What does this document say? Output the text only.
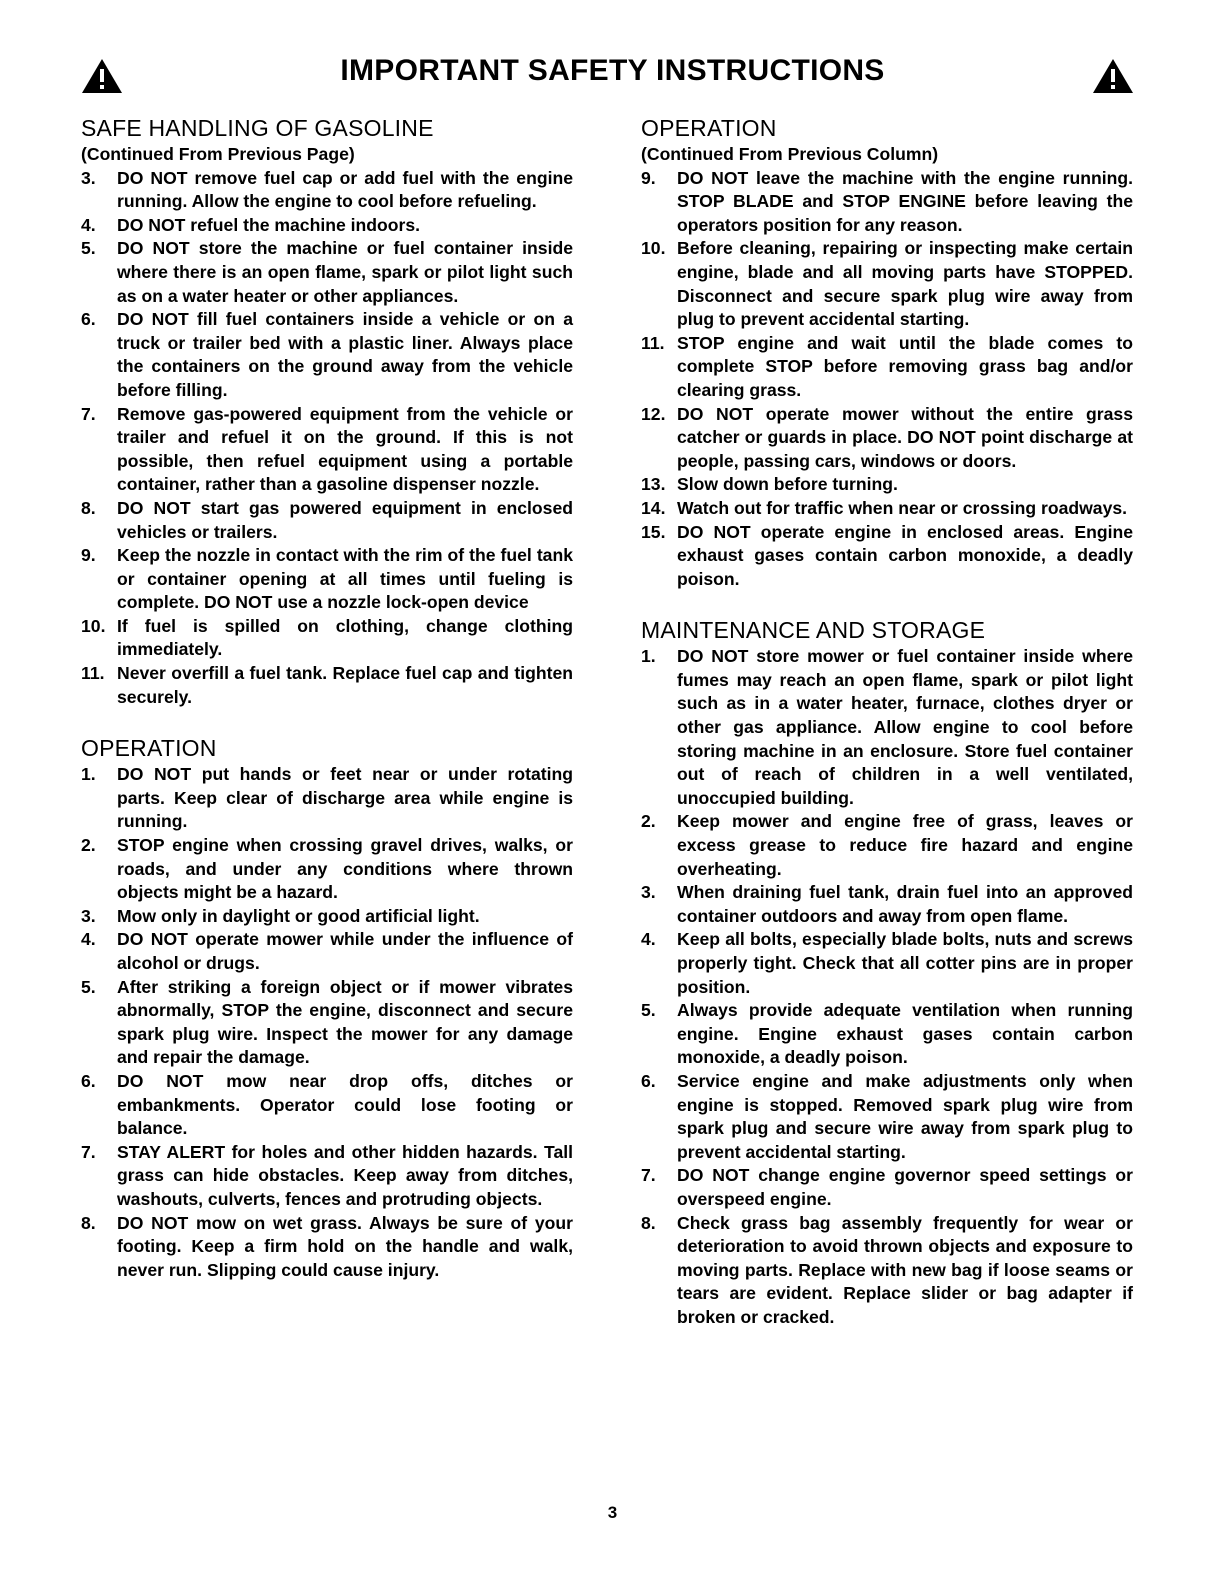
IMPORTANT SAFETY INSTRUCTIONS
SAFE HANDLING OF GASOLINE

(Continued From Previous Page)

3. DO NOT remove fuel cap or add fuel with the engine running. Allow the engine to cool before refueling.
4. DO NOT refuel the machine indoors.
5. DO NOT store the machine or fuel container inside where there is an open flame, spark or pilot light such as on a water heater or other appliances.
6. DO NOT fill fuel containers inside a vehicle or on a truck or trailer bed with a plastic liner. Always place the containers on the ground away from the vehicle before filling.
7. Remove gas-powered equipment from the vehicle or trailer and refuel it on the ground. If this is not possible, then refuel equipment using a portable container, rather than a gasoline dispenser nozzle.
8. DO NOT start gas powered equipment in enclosed vehicles or trailers.
9. Keep the nozzle in contact with the rim of the fuel tank or container opening at all times until fueling is complete. DO NOT use a nozzle lock-open device
10. If fuel is spilled on clothing, change clothing immediately.
11. Never overfill a fuel tank. Replace fuel cap and tighten securely.
OPERATION
1. DO NOT put hands or feet near or under rotating parts. Keep clear of discharge area while engine is running.
2. STOP engine when crossing gravel drives, walks, or roads, and under any conditions where thrown objects might be a hazard.
3. Mow only in daylight or good artificial light.
4. DO NOT operate mower while under the influence of alcohol or drugs.
5. After striking a foreign object or if mower vibrates abnormally, STOP the engine, disconnect and secure spark plug wire. Inspect the mower for any damage and repair the damage.
6. DO NOT mow near drop offs, ditches or embankments. Operator could lose footing or balance.
7. STAY ALERT for holes and other hidden hazards. Tall grass can hide obstacles. Keep away from ditches, washouts, culverts, fences and protruding objects.
8. DO NOT mow on wet grass. Always be sure of your footing. Keep a firm hold on the handle and walk, never run. Slipping could cause injury.
OPERATION

(Continued From Previous Column)

9. DO NOT leave the machine with the engine running. STOP BLADE and STOP ENGINE before leaving the operators position for any reason.
10. Before cleaning, repairing or inspecting make certain engine, blade and all moving parts have STOPPED. Disconnect and secure spark plug wire away from plug to prevent accidental starting.
11. STOP engine and wait until the blade comes to complete STOP before removing grass bag and/or clearing grass.
12. DO NOT operate mower without the entire grass catcher or guards in place. DO NOT point discharge at people, passing cars, windows or doors.
13. Slow down before turning.
14. Watch out for traffic when near or crossing roadways.
15. DO NOT operate engine in enclosed areas. Engine exhaust gases contain carbon monoxide, a deadly poison.
MAINTENANCE AND STORAGE
1. DO NOT store mower or fuel container inside where fumes may reach an open flame, spark or pilot light such as in a water heater, furnace, clothes dryer or other gas appliance. Allow engine to cool before storing machine in an enclosure. Store fuel container out of reach of children in a well ventilated, unoccupied building.
2. Keep mower and engine free of grass, leaves or excess grease to reduce fire hazard and engine overheating.
3. When draining fuel tank, drain fuel into an approved container outdoors and away from open flame.
4. Keep all bolts, especially blade bolts, nuts and screws properly tight. Check that all cotter pins are in proper position.
5. Always provide adequate ventilation when running engine. Engine exhaust gases contain carbon monoxide, a deadly poison.
6. Service engine and make adjustments only when engine is stopped. Removed spark plug wire from spark plug and secure wire away from spark plug to prevent accidental starting.
7. DO NOT change engine governor speed settings or overspeed engine.
8. Check grass bag assembly frequently for wear or deterioration to avoid thrown objects and exposure to moving parts. Replace with new bag if loose seams or tears are evident. Replace slider or bag adapter if broken or cracked.
3
